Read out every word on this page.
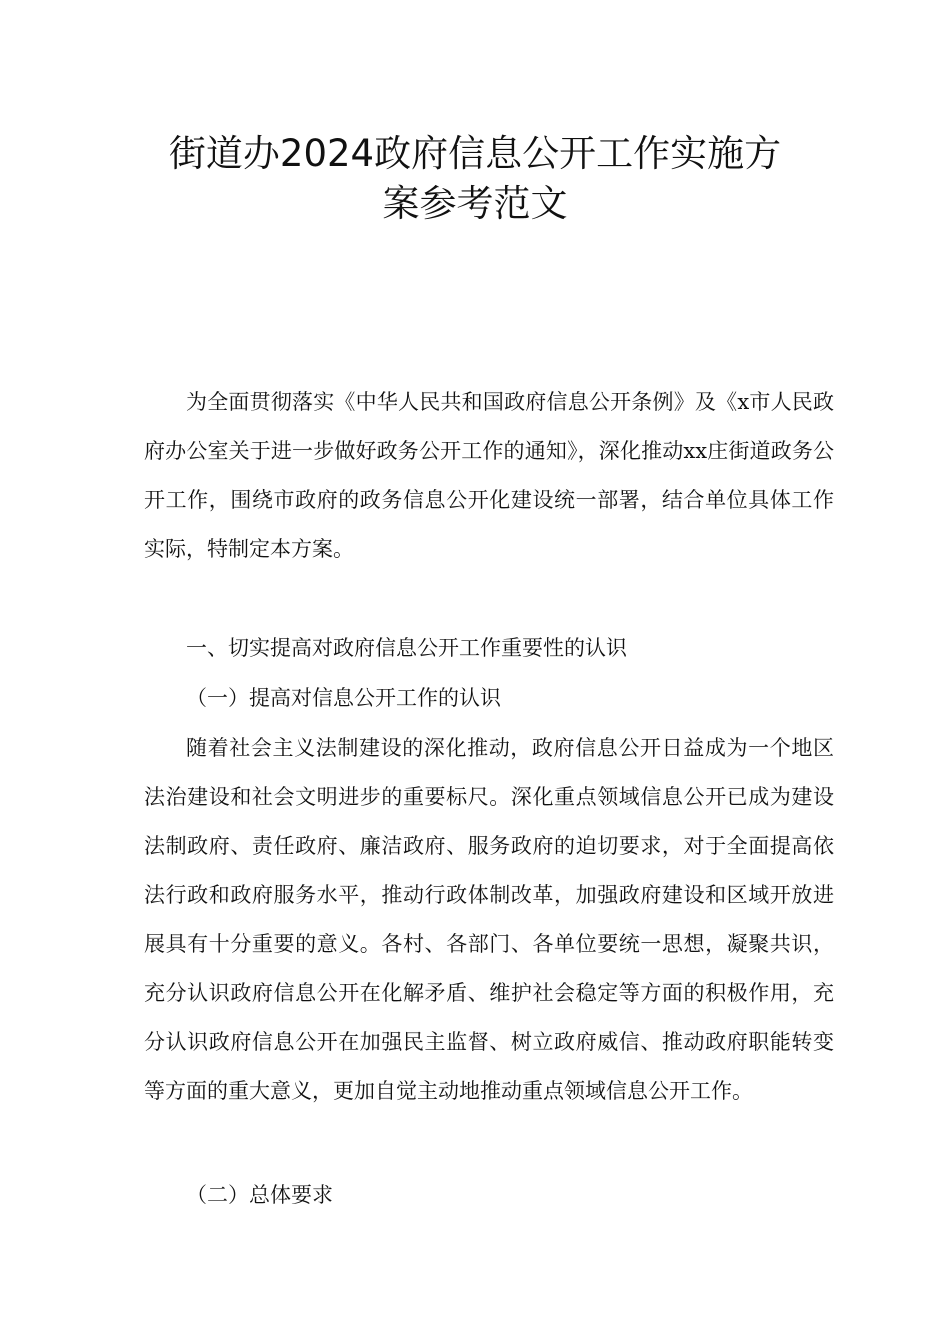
街道办2024政府信息公开工作实施方
案参考范文

为全面贯彻落实《中华人民共和国政府信息公开条例》及《x市人民政府办公室关于进一步做好政务公开工作的通知》，深化推动xx庄街道政务公开工作，围绕市政府的政务信息公开化建设统一部署，结合单位具体工作实际，特制定本方案。

一、切实提高对政府信息公开工作重要性的认识

（一）提高对信息公开工作的认识

随着社会主义法制建设的深化推动，政府信息公开日益成为一个地区法治建设和社会文明进步的重要标尺。深化重点领域信息公开已成为建设法制政府、责任政府、廉洁政府、服务政府的迫切要求，对于全面提高依法行政和政府服务水平，推动行政体制改革，加强政府建设和区域开放进展具有十分重要的意义。各村、各部门、各单位要统一思想，凝聚共识，充分认识政府信息公开在化解矛盾、维护社会稳定等方面的积极作用，充分认识政府信息公开在加强民主监督、树立政府威信、推动政府职能转变等方面的重大意义，更加自觉主动地推动重点领域信息公开工作。

（二）总体要求
